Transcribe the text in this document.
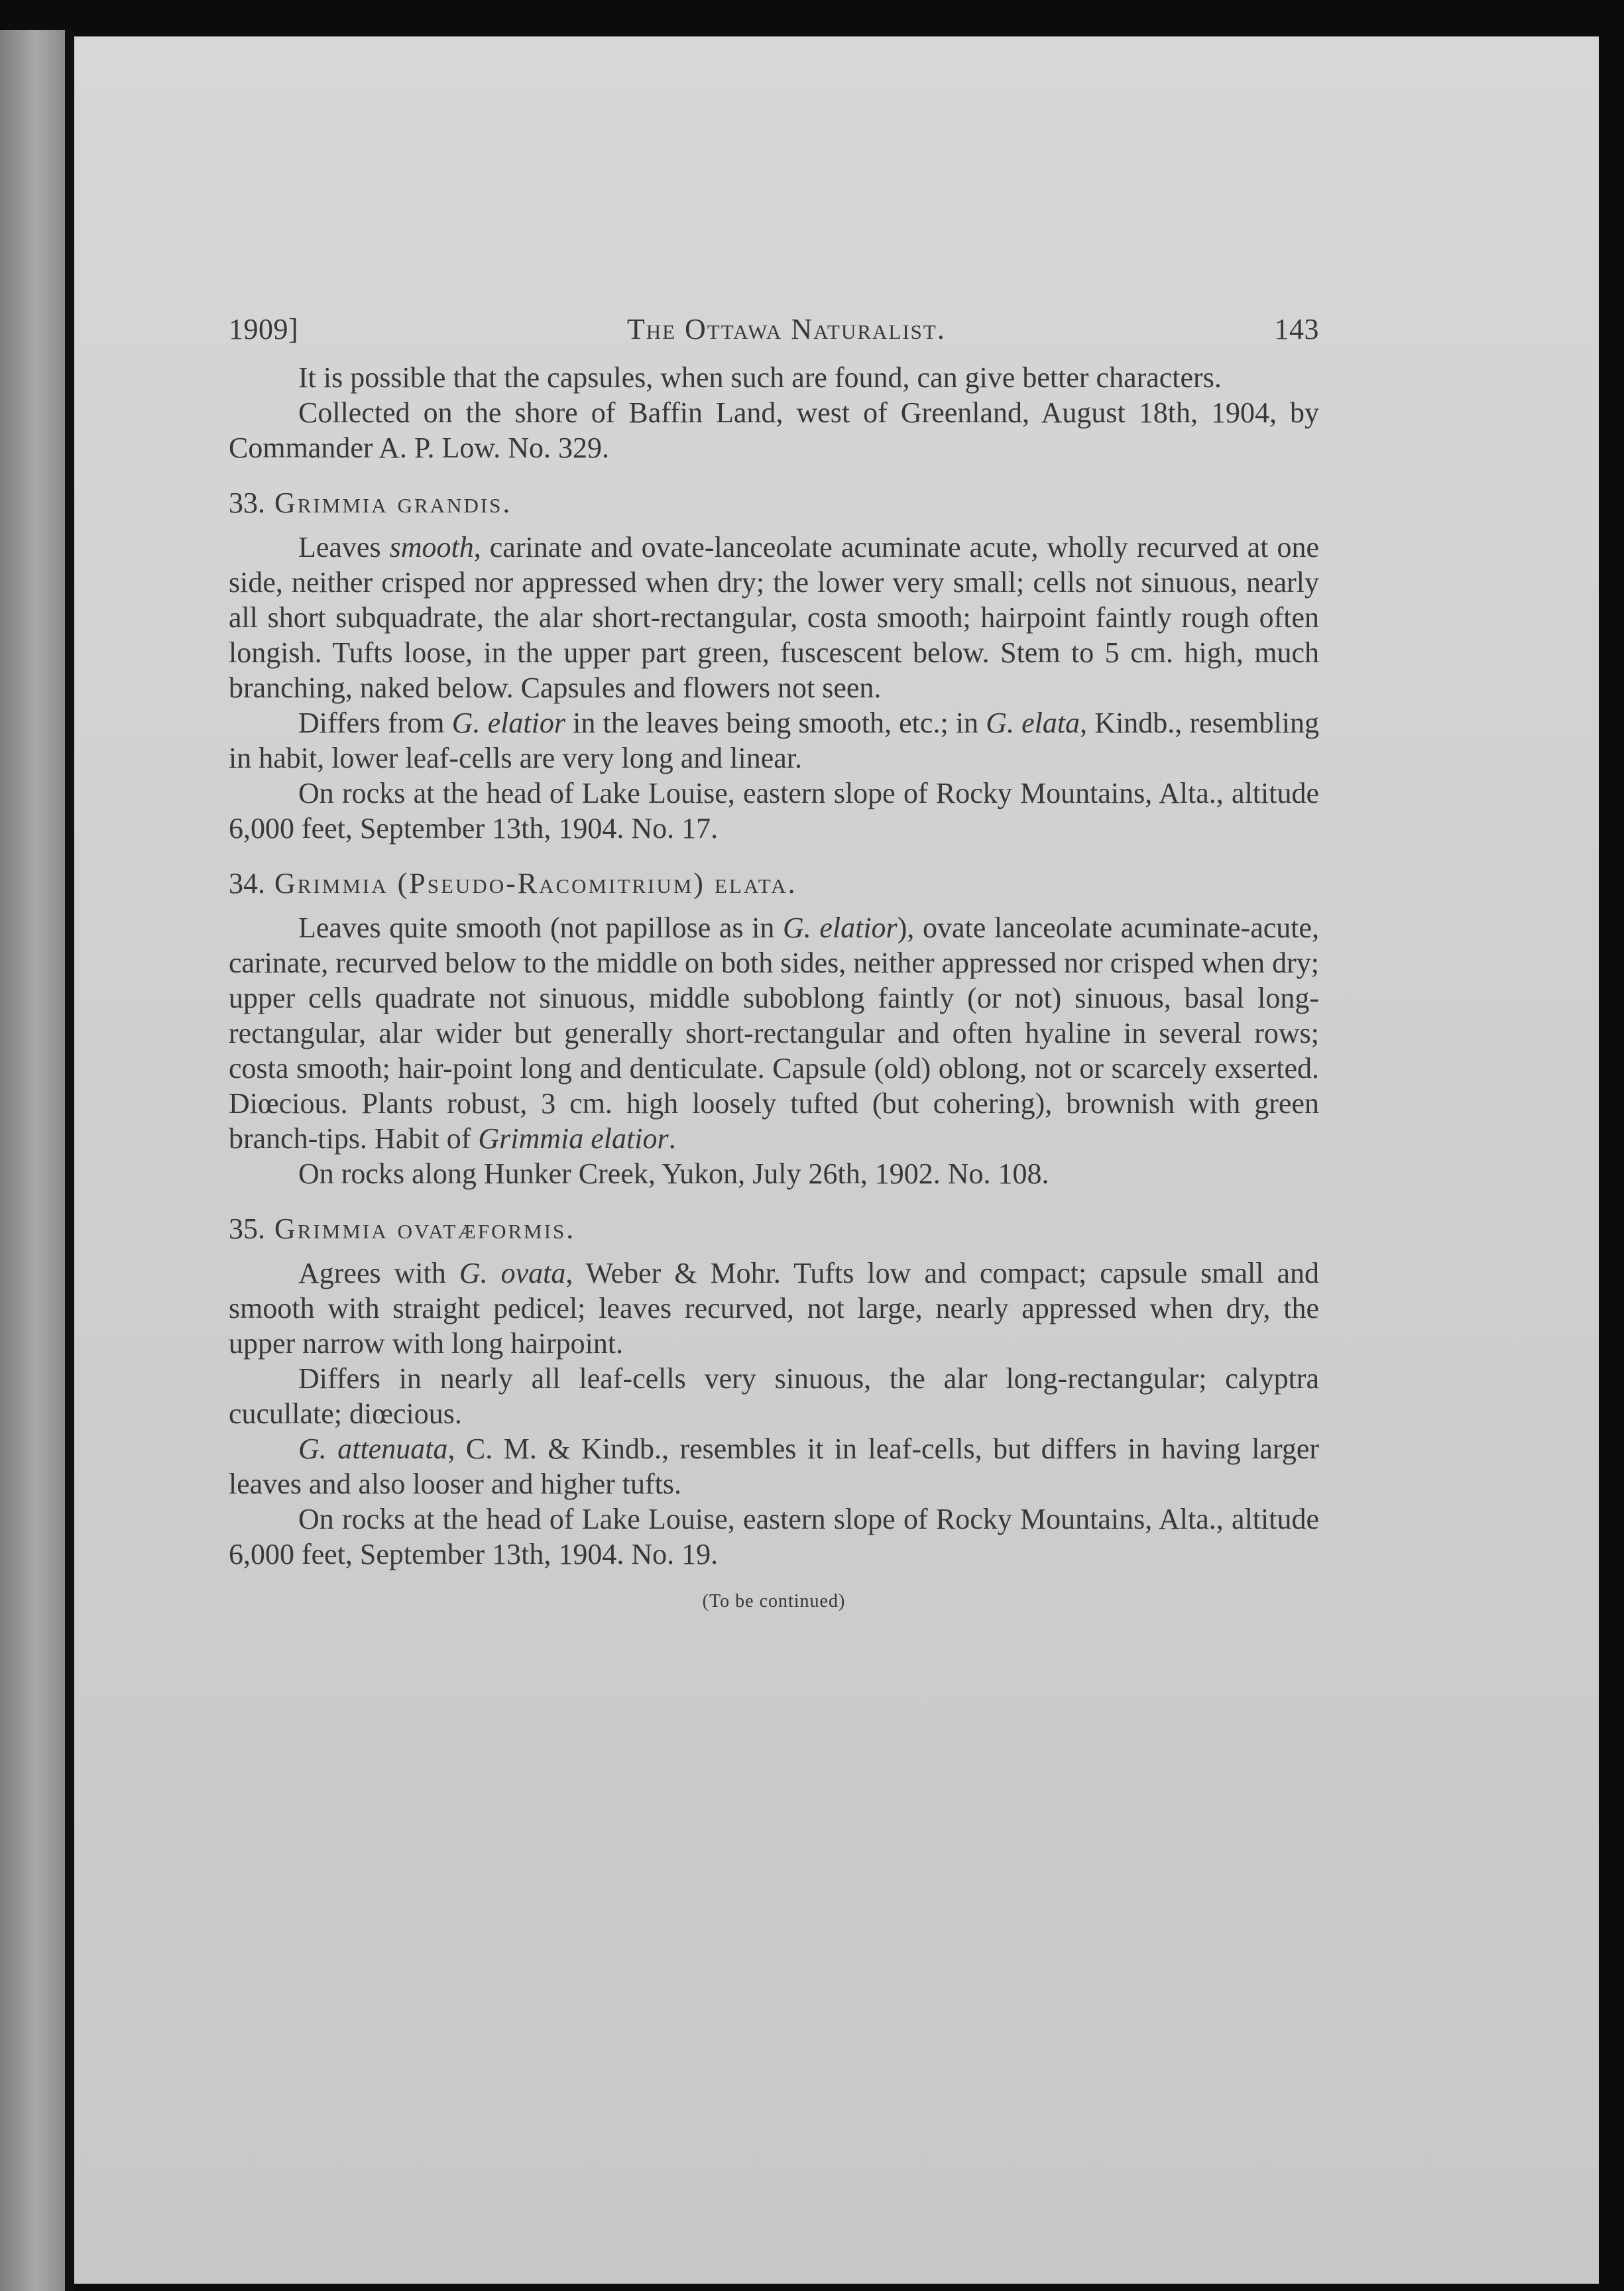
1909]	The Ottawa Naturalist.	143

It is possible that the capsules, when such are found, can give better characters.

Collected on the shore of Baffin Land, west of Greenland, August 18th, 1904, by Commander A. P. Low. No. 329.

33. Grimmia grandis.

Leaves smooth, carinate and ovate-lanceolate acuminate acute, wholly recurved at one side, neither crisped nor appressed when dry; the lower very small; cells not sinuous, nearly all short subquadrate, the alar short-rectangular, costa smooth; hairpoint faintly rough often longish. Tufts loose, in the upper part green, fuscescent below. Stem to 5 cm. high, much branching, naked below. Capsules and flowers not seen.

Differs from G. elatior in the leaves being smooth, etc.; in G. elata, Kindb., resembling in habit, lower leaf-cells are very long and linear.

On rocks at the head of Lake Louise, eastern slope of Rocky Mountains, Alta., altitude 6,000 feet, September 13th, 1904. No. 17.

34. Grimmia (Pseudo-Racomitrium) elata.

Leaves quite smooth (not papillose as in G. elatior), ovate lanceolate acuminate-acute, carinate, recurved below to the middle on both sides, neither appressed nor crisped when dry; upper cells quadrate not sinuous, middle suboblong faintly (or not) sinuous, basal long-rectangular, alar wider but generally short-rectangular and often hyaline in several rows; costa smooth; hair-point long and denticulate. Capsule (old) oblong, not or scarcely exserted. Diœcious. Plants robust, 3 cm. high loosely tufted (but cohering), brownish with green branch-tips. Habit of Grimmia elatior.

On rocks along Hunker Creek, Yukon, July 26th, 1902. No. 108.

35. Grimmia ovatæformis.

Agrees with G. ovata, Weber & Mohr. Tufts low and compact; capsule small and smooth with straight pedicel; leaves recurved, not large, nearly appressed when dry, the upper narrow with long hairpoint.

Differs in nearly all leaf-cells very sinuous, the alar long-rectangular; calyptra cucullate; diœcious.

G. attenuata, C. M. & Kindb., resembles it in leaf-cells, but differs in having larger leaves and also looser and higher tufts.

On rocks at the head of Lake Louise, eastern slope of Rocky Mountains, Alta., altitude 6,000 feet, September 13th, 1904. No. 19.

(To be continued)
